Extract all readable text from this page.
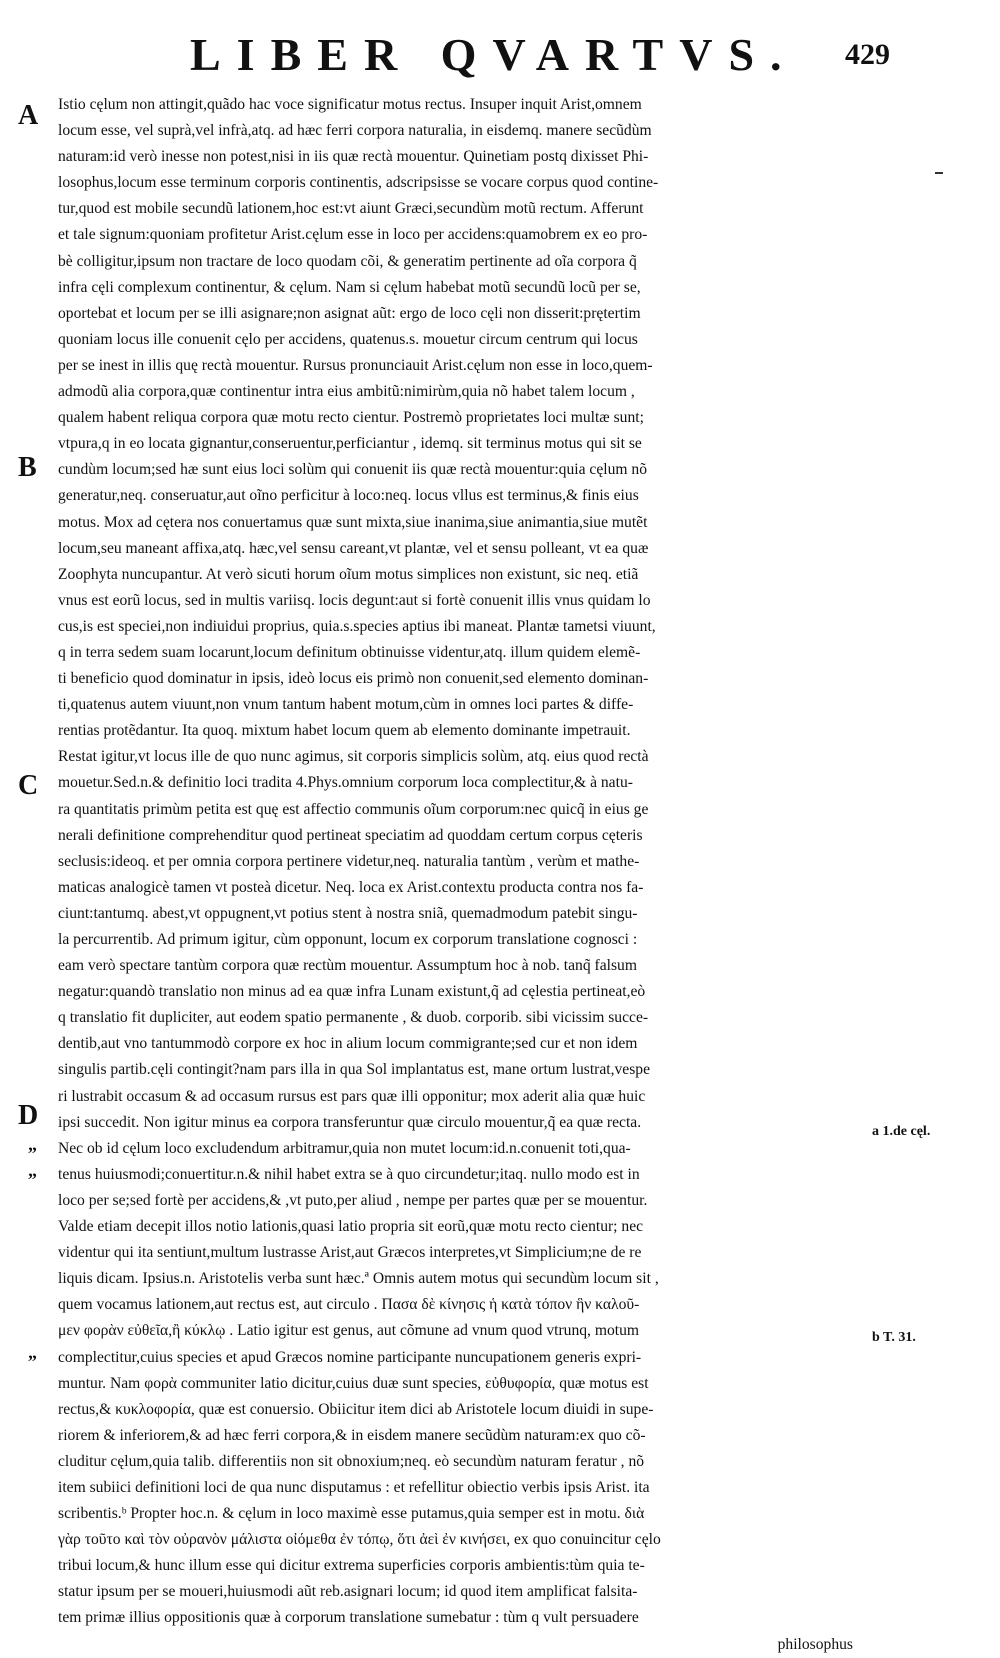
LIBER QVARTVS. 429
A
B
C
D
„
„
„
a 1.de cęl.
b T. 31.
Istio cęlum non attingit,quãdo hac voce significatur motus rectus. Insuper inquit Arist,omnem
locum esse, vel suprà,vel infrà,atq. ad hæc ferri corpora naturalia, in eisdemq. manere secũdùm
naturam:id verò inesse non potest,nisi in iis quæ rectà mouentur. Quinetiam postq dixisset Phi-
losophus,locum esse terminum corporis continentis, adscripsisse se vocare corpus quod contine-
tur,quod est mobile secundũ lationem,hoc est:vt aiunt Græci,secundùm motũ rectum. Afferunt
et tale signum:quoniam profitetur Arist.cęlum esse in loco per accidens:quamobrem ex eo pro-
bè colligitur,ipsum non tractare de loco quodam cõi, & generatim pertinente ad oĩa corpora q̃
infra cęli complexum continentur, & cęlum. Nam si cęlum habebat motũ secundũ locũ per se,
oportebat et locum per se illi asignare;non asignat aũt: ergo de loco cęli non disserit:prętertim
quoniam locus ille conuenit cęlo per accidens, quatenus.s. mouetur circum centrum qui locus
per se inest in illis quę rectà mouentur. Rursus pronunciauit Arist.cęlum non esse in loco,quem-
admodũ alia corpora,quæ continentur intra eius ambitũ:nimirùm,quia nõ habet talem locum ,
qualem habent reliqua corpora quæ motu recto cientur. Postremò proprietates loci multæ sunt;
vtpura,q in eo locata gignantur,conseruentur,perficiantur , idemq. sit terminus motus qui sit se
cundùm locum;sed hæ sunt eius loci solùm qui conuenit iis quæ rectà mouentur:quia cęlum nõ
generatur,neq. conseruatur,aut oĩno perficitur à loco:neq. locus vllus est terminus,& finis eius
motus. Mox ad cętera nos conuertamus quæ sunt mixta,siue inanima,siue animantia,siue mutẽt
locum,seu maneant affixa,atq. hæc,vel sensu careant,vt plantæ, vel et sensu polleant, vt ea quæ
Zoophyta nuncupantur. At verò sicuti horum oĩum motus simplices non existunt, sic neq. etiã
vnus est eorũ locus, sed in multis variisq. locis degunt:aut si fortè conuenit illis vnus quidam lo
cus,is est speciei,non indiuidui proprius, quia.s.species aptius ibi maneat. Plantæ tametsi viuunt,
q in terra sedem suam locarunt,locum definitum obtinuisse videntur,atq. illum quidem elemẽ-
ti beneficio quod dominatur in ipsis, ideò locus eis primò non conuenit,sed elemento dominan-
ti,quatenus autem viuunt,non vnum tantum habent motum,cùm in omnes loci partes & diffe-
rentias protẽdantur. Ita quoq. mixtum habet locum quem ab elemento dominante impetrauit.
Restat igitur,vt locus ille de quo nunc agimus, sit corporis simplicis solùm, atq. eius quod rectà
mouetur.Sed.n.& definitio loci tradita 4.Phys.omnium corporum loca complectitur,& à natu-
ra quantitatis primùm petita est quę est affectio communis oĩum corporum:nec quicq̃ in eius ge
nerali definitione comprehenditur quod pertineat speciatim ad quoddam certum corpus cęteris
seclusis:ideoq. et per omnia corpora pertinere videtur,neq. naturalia tantùm , verùm et mathe-
maticas analogicè tamen vt posteà dicetur. Neq. loca ex Arist.contextu producta contra nos fa-
ciunt:tantumq. abest,vt oppugnent,vt potius stent à nostra sniã, quemadmodum patebit singu-
la percurrentib. Ad primum igitur, cùm opponunt, locum ex corporum translatione cognosci :
eam verò spectare tantùm corpora quæ rectùm mouentur. Assumptum hoc à nob. tanq̃ falsum
negatur:quandò translatio non minus ad ea quæ infra Lunam existunt,q̃ ad cęlestia pertineat,eò
q translatio fit dupliciter, aut eodem spatio permanente , & duob. corporib. sibi vicissim succe-
dentib,aut vno tantummodò corpore ex hoc in alium locum commigrante;sed cur et non idem
singulis partib.cęli contingit?nam pars illa in qua Sol implantatus est, mane ortum lustrat,vespe
ri lustrabit occasum & ad occasum rursus est pars quæ illi opponitur; mox aderit alia quæ huic
ipsi succedit. Non igitur minus ea corpora transferuntur quæ circulo mouentur,q̃ ea quæ recta.
Nec ob id cęlum loco excludendum arbitramur,quia non mutet locum:id.n.conuenit toti,qua-
tenus huiusmodi;conuertitur.n.& nihil habet extra se à quo circundetur;itaq. nullo modo est in
loco per se;sed fortè per accidens,& ,vt puto,per aliud , nempe per partes quæ per se mouentur.
Valde etiam decepit illos notio lationis,quasi latio propria sit eorũ,quæ motu recto cientur; nec
videntur qui ita sentiunt,multum lustrasse Arist,aut Græcos interpretes,vt Simplicium;ne de re
liquis dicam. Ipsius.n. Aristotelis verba sunt hæc.ª Omnis autem motus qui secundùm locum sit ,
quem vocamus lationem,aut rectus est, aut circulo . Πασα δὲ κίνησις ἡ κατὰ τόπον ἣν καλοῦ-
μεν φορὰν εὐθεῖα,ἢ κύκλῳ . Latio igitur est genus, aut cõmune ad vnum quod vtrunq, motum
complectitur,cuius species et apud Græcos nomine participante nuncupationem generis expri-
muntur. Nam φορὰ communiter latio dicitur,cuius duæ sunt species, εὐθυφορία, quæ motus est
rectus,& κυκλοφορία, quæ est conuersio. Obiicitur item dici ab Aristotele locum diuidi in supe-
riorem & inferiorem,& ad hæc ferri corpora,& in eisdem manere secũdùm naturam:ex quo cõ-
cluditur cęlum,quia talib. differentiis non sit obnoxium;neq. eò secundùm naturam feratur , nõ
item subiici definitioni loci de qua nunc disputamus : et refellitur obiectio verbis ipsis Arist. ita
scribentis.ᵇ Propter hoc.n. & cęlum in loco maximè esse putamus,quia semper est in motu. διὰ
γὰρ τοῦτο καὶ τὸν οὐρανὸν μάλιστα οἰόμεθα ἐν τόπῳ, ὅτι ἀεὶ ἐν κινήσει, ex quo conuincitur cęlo
tribui locum,& hunc illum esse qui dicitur extrema superficies corporis ambientis:tùm quia te-
statur ipsum per se moueri,huiusmodi aũt reb.asignari locum; id quod item amplificat falsita-
tem primæ illius oppositionis quæ à corporum translatione sumebatur : tùm q vult persuadere
philosophus
